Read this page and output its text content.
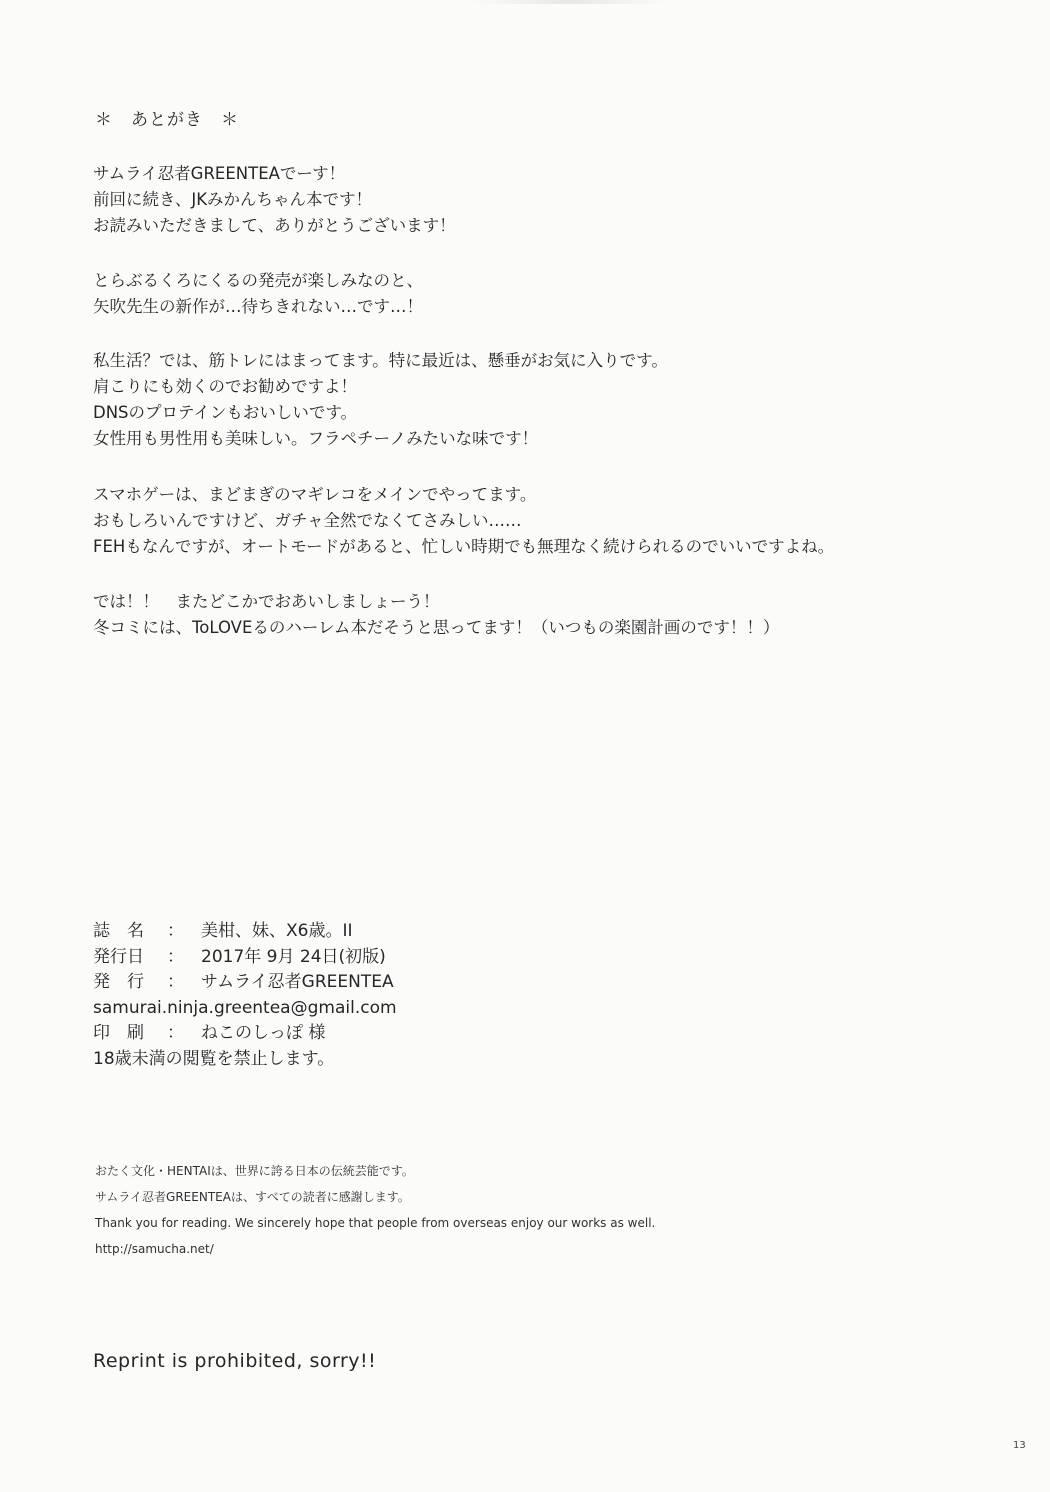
＊　あとがき　＊
サムライ忍者GREENTEAでーす！
前回に続き、JKみかんちゃん本です！
お読みいただきまして、ありがとうございます！
とらぶるくろにくるの発売が楽しみなのと、
矢吹先生の新作が…待ちきれない…です…！
私生活？では、筋トレにはまってます。特に最近は、懸垂がお気に入りです。
肩こりにも効くのでお勧めですよ！
DNSのプロテインもおいしいです。
女性用も男性用も美味しい。フラペチーノみたいな味です！
スマホゲーは、まどまぎのマギレコをメインでやってます。
おもしろいんですけど、ガチャ全然でなくてさみしい……
FEHもなんですが、オートモードがあると、忙しい時期でも無理なく続けられるのでいいですよね。
では！！　またどこかでおあいしましょーう！
冬コミには、ToLOVEるのハーレム本だそうと思ってます！（いつもの楽園計画のです！！）
誌　名 ： 美柑、妹、X6歳。II
発行日 ： 2017年 9月 24日(初版)
発　行 ： サムライ忍者GREENTEA
samurai.ninja.greentea@gmail.com
印　刷 ： ねこのしっぽ 様
18歳未満の閲覧を禁止します。
おたく文化・HENTAIは、世界に誇る日本の伝統芸能です。
サムライ忍者GREENTEAは、すべての読者に感謝します。
Thank you for reading. We sincerely hope that people from overseas enjoy our works as well.
http://samucha.net/
Reprint is prohibited, sorry!!
13
